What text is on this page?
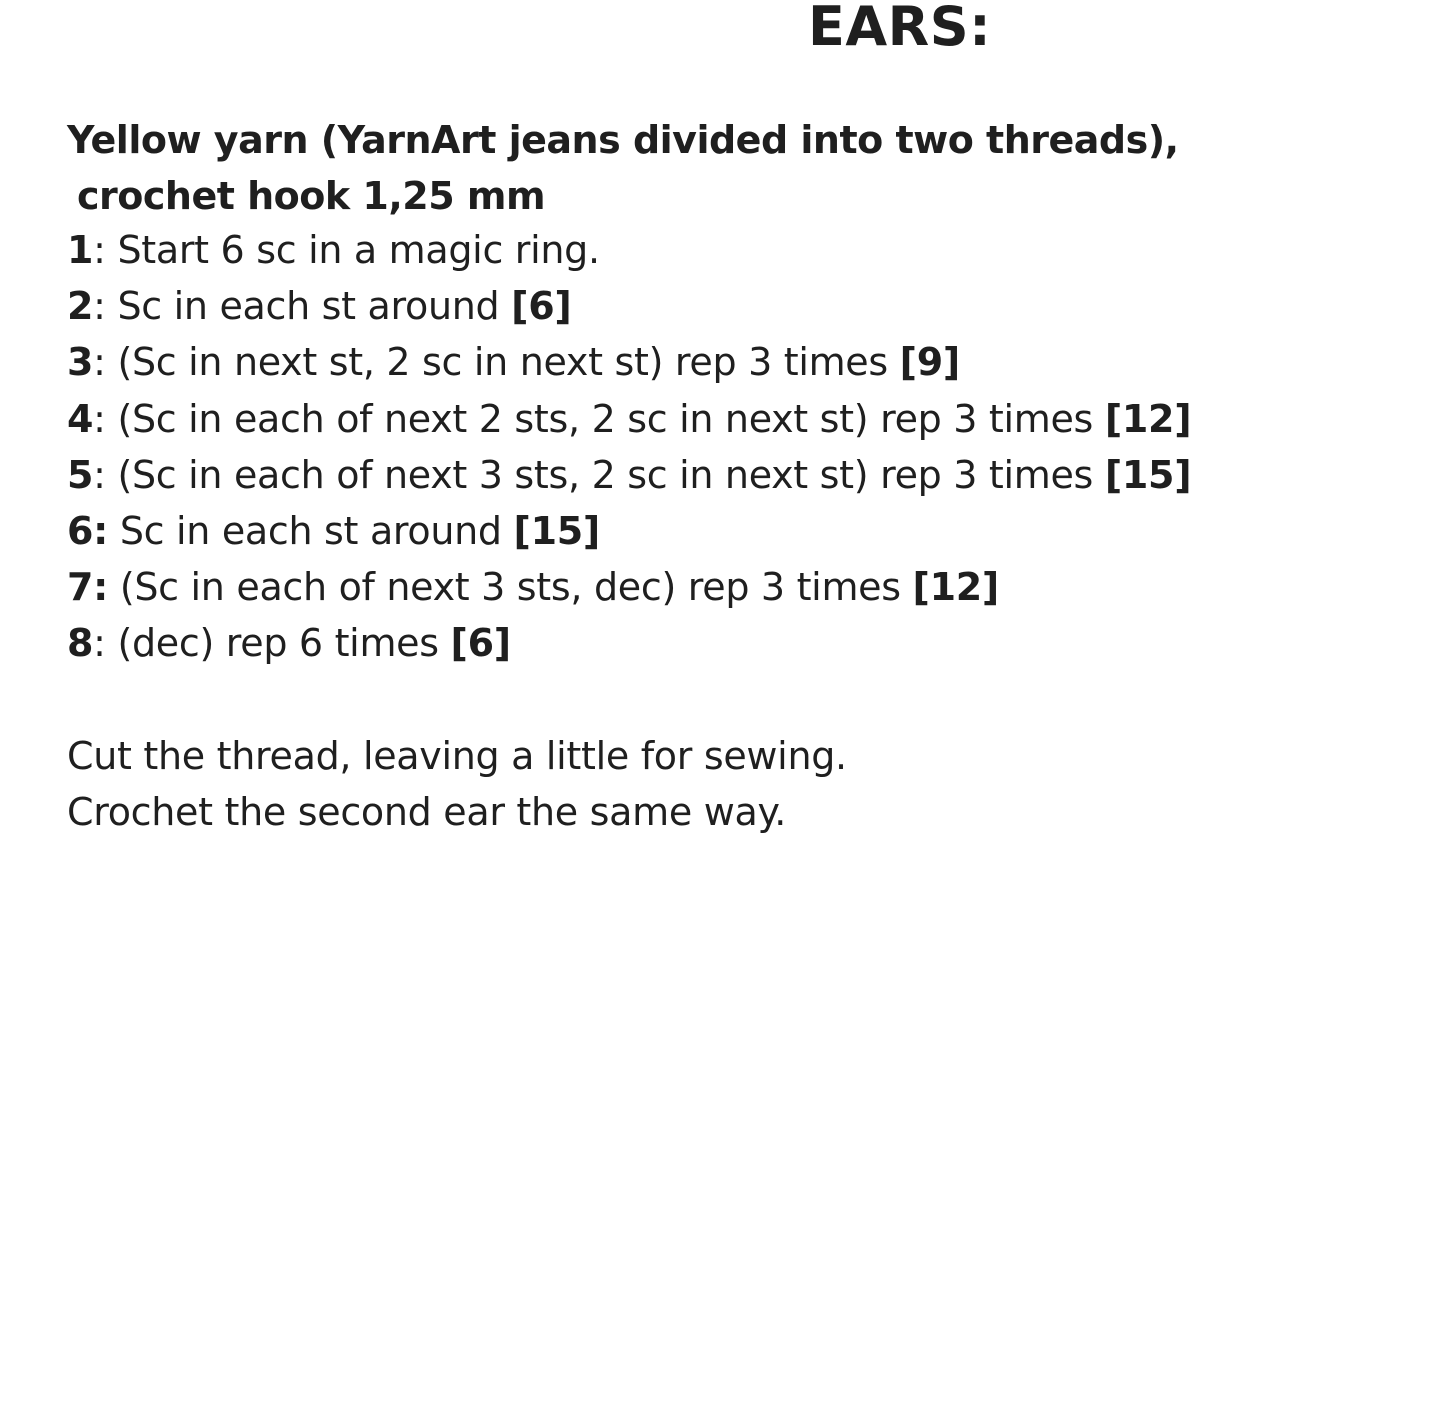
EARS:
Yellow yarn (YarnArt jeans divided into two threads),
crochet hook 1,25 mm
1: Start 6 sc in a magic ring.
2: Sc in each st around [6]
3: (Sc in next st, 2 sc in next st) rep 3 times [9]
4: (Sc in each of next 2 sts, 2 sc in next st) rep 3 times [12]
5: (Sc in each of next 3 sts, 2 sc in next st) rep 3 times [15]
6: Sc in each st around [15]
7: (Sc in each of next 3 sts, dec) rep 3 times [12]
8: (dec) rep 6 times [6]
Cut the thread, leaving a little for sewing.
Crochet the second ear the same way.
